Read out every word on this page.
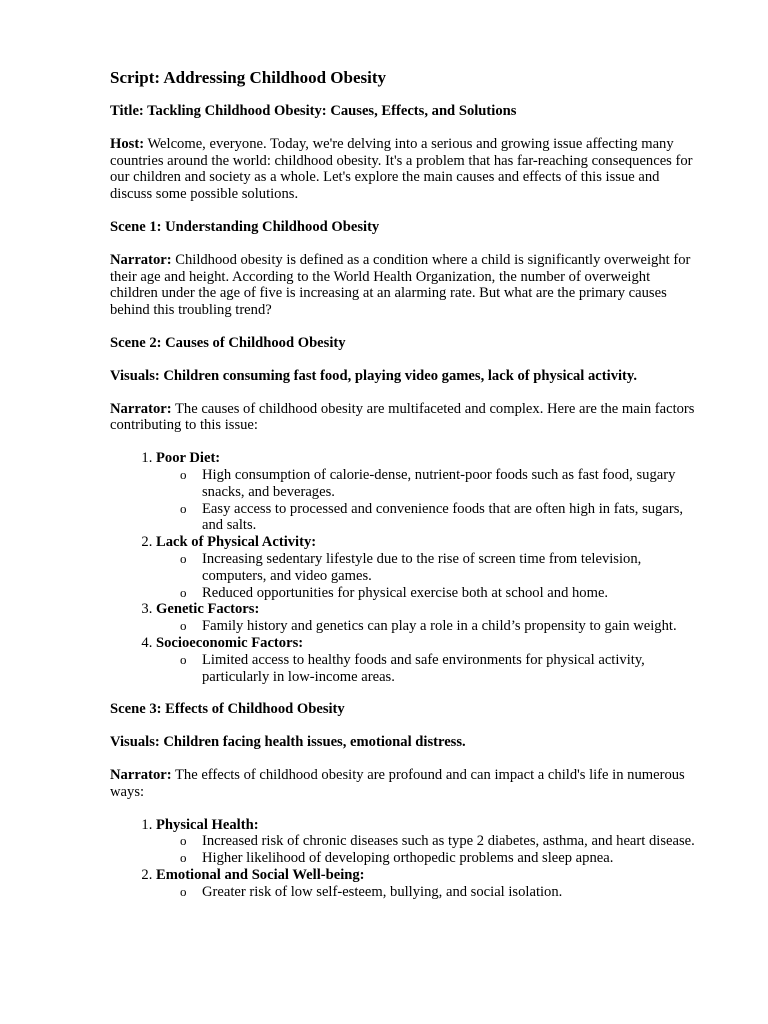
Script: Addressing Childhood Obesity
Title: Tackling Childhood Obesity: Causes, Effects, and Solutions

Host: Welcome, everyone. Today, we're delving into a serious and growing issue affecting many countries around the world: childhood obesity. It's a problem that has far-reaching consequences for our children and society as a whole. Let's explore the main causes and effects of this issue and discuss some possible solutions.

Scene 1: Understanding Childhood Obesity

Narrator: Childhood obesity is defined as a condition where a child is significantly overweight for their age and height. According to the World Health Organization, the number of overweight children under the age of five is increasing at an alarming rate. But what are the primary causes behind this troubling trend?

Scene 2: Causes of Childhood Obesity
Visuals: Children consuming fast food, playing video games, lack of physical activity.

Narrator: The causes of childhood obesity are multifaceted and complex. Here are the main factors contributing to this issue:

1. Poor Diet:
o High consumption of calorie-dense, nutrient-poor foods such as fast food, sugary snacks, and beverages.
o Easy access to processed and convenience foods that are often high in fats, sugars, and salts.
2. Lack of Physical Activity:
o Increasing sedentary lifestyle due to the rise of screen time from television, computers, and video games.
o Reduced opportunities for physical exercise both at school and home.
3. Genetic Factors:
o Family history and genetics can play a role in a child’s propensity to gain weight.
4. Socioeconomic Factors:
o Limited access to healthy foods and safe environments for physical activity, particularly in low-income areas.
Scene 3: Effects of Childhood Obesity
Visuals: Children facing health issues, emotional distress.

Narrator: The effects of childhood obesity are profound and can impact a child's life in numerous ways:

1. Physical Health:
o Increased risk of chronic diseases such as type 2 diabetes, asthma, and heart disease.
o Higher likelihood of developing orthopedic problems and sleep apnea.
2. Emotional and Social Well-being:
o Greater risk of low self-esteem, bullying, and social isolation.
